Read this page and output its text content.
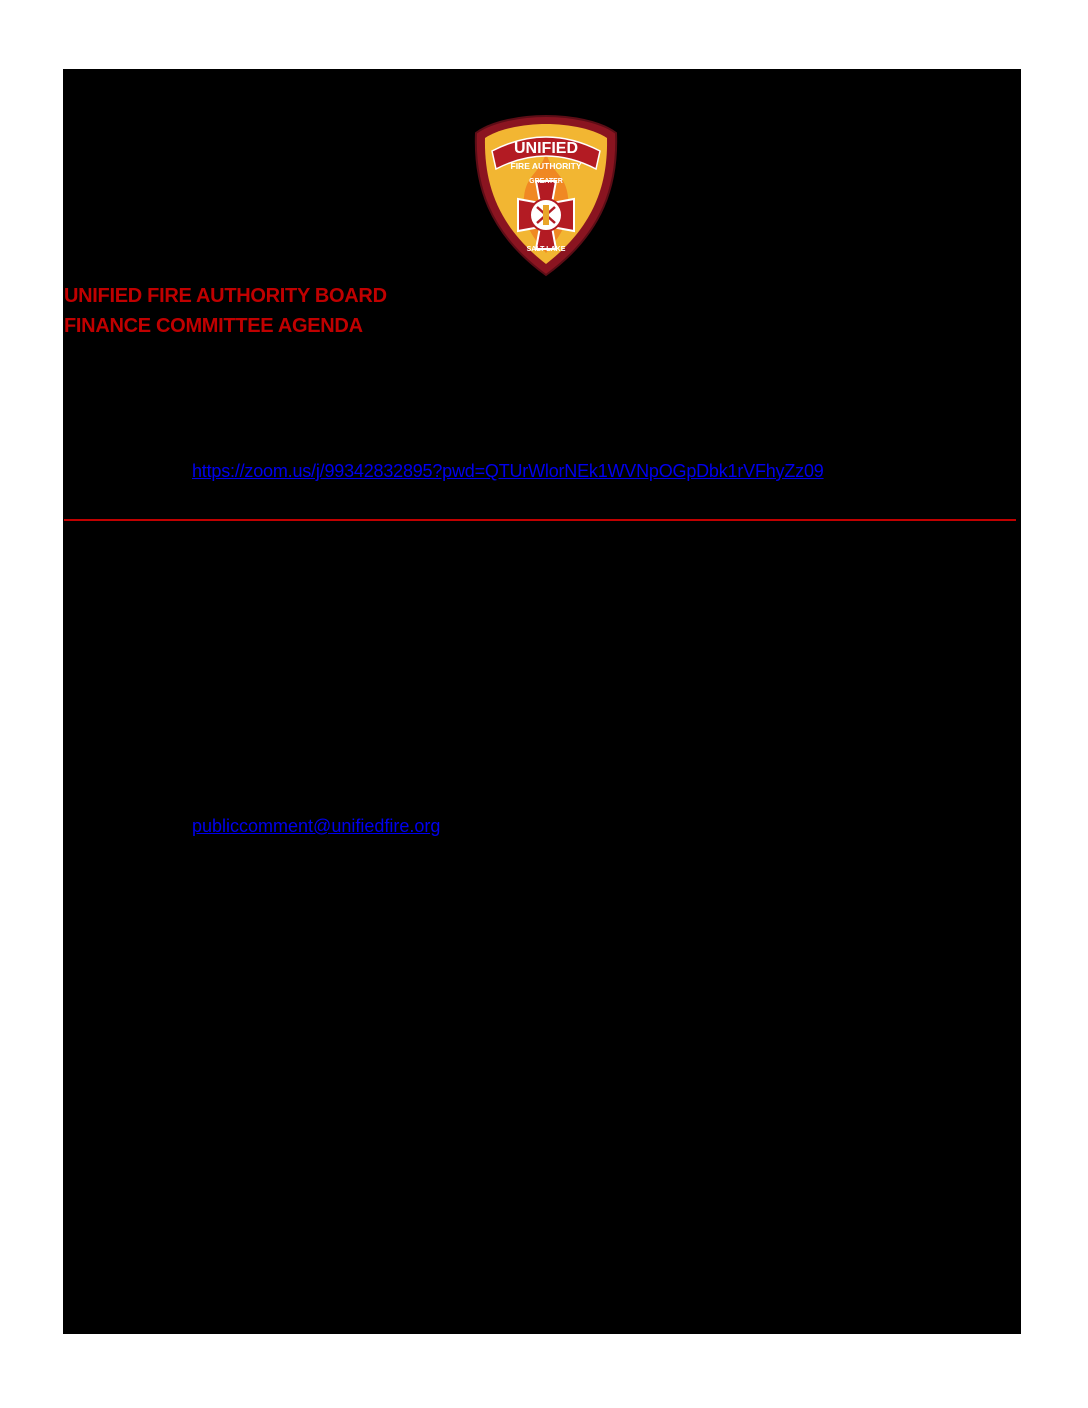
UNIFIED
FIRE AUTHORITY
GREATER
SALT LAKE
UNIFIED FIRE AUTHORITY BOARD
FINANCE COMMITTEE AGENDA
https://zoom.us/j/99342832895?pwd=QTUrWlorNEk1WVNpOGpDbk1rVFhyZz09
publiccomment@unifiedfire.org
